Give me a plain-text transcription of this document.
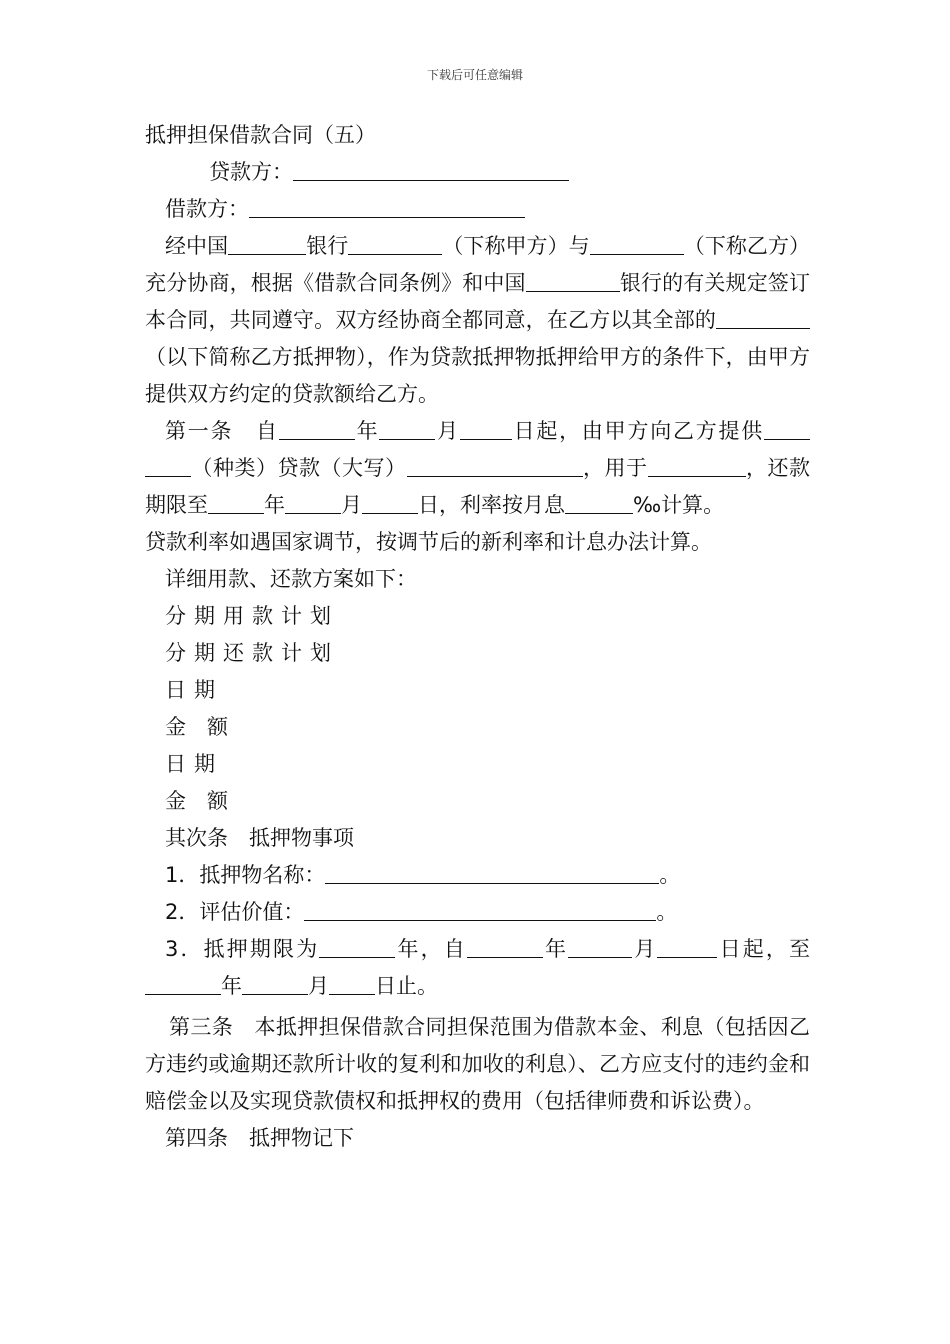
下载后可任意编辑
抵押担保借款合同（五）
贷款方：
借款方：

经中国	银行	（下称甲方）与	（下称乙方）充分协商，根据《借款合同条例》和中国	银行的有关规定签订本合同，共同遵守。双方经协商全都同意，在乙方以其全部的（以下简称乙方抵押物），作为贷款抵押物抵押给甲方的条件下，由甲方提供双方约定的贷款额给乙方。

第一条　自	年	月 日起，由甲方向乙方提供（种类）贷款（大写）	，用于	，还款期限至	年	月	日，利率按月息	‰计算。

贷款利率如遇国家调节，按调节后的新利率和计息办法计算。
详细用款、还款方案如下：
分期用款计划
分期还款计划
日期
金　额
日期
金　额
其次条　抵押物事项
1．抵押物名称：	。
2．评估价值：	。

3．抵押期限为	年，自	年	月	日起，至年	月 日止。

第三条　本抵押担保借款合同担保范围为借款本金、利息（包括因乙方违约或逾期还款所计收的复利和加收的利息）、乙方应支付的违约金和赔偿金以及实现贷款债权和抵押权的费用（包括律师费和诉讼费）。

第四条　抵押物记下
